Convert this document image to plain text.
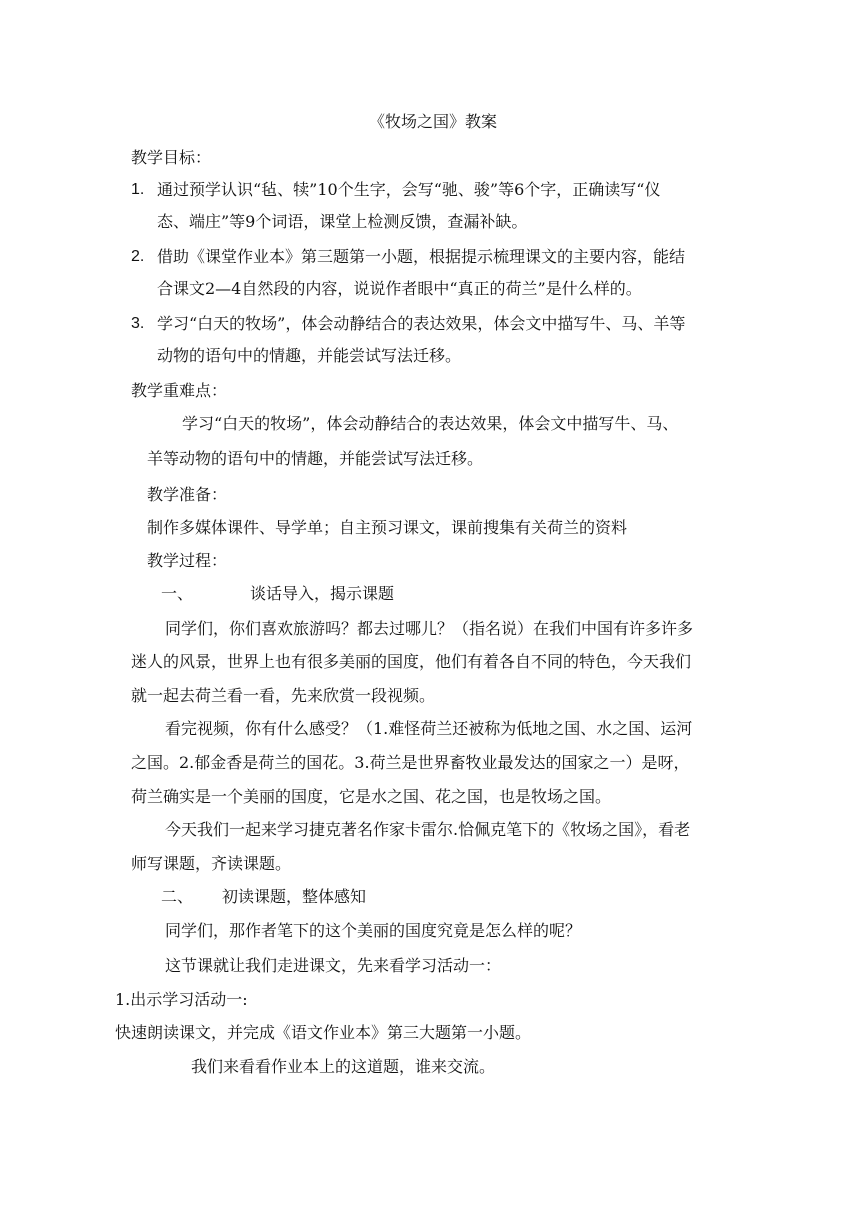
《牧场之国》教案
教学目标：
1. 通过预学认识“毡、犊”10个生字，会写“驰、骏”等6个字，正确读写“仪
态、端庄”等9个词语，课堂上检测反馈，查漏补缺。
2. 借助《课堂作业本》第三题第一小题，根据提示梳理课文的主要内容，能结
合课文2—4自然段的内容，说说作者眼中“真正的荷兰”是什么样的。
3. 学习“白天的牧场”，体会动静结合的表达效果，体会文中描写牛、马、羊等
动物的语句中的情趣，并能尝试写法迁移。
教学重难点：
学习“白天的牧场”，体会动静结合的表达效果，体会文中描写牛、马、
羊等动物的语句中的情趣，并能尝试写法迁移。
教学准备：
制作多媒体课件、导学单；自主预习课文，课前搜集有关荷兰的资料
教学过程：
一、	谈话导入，揭示课题
同学们，你们喜欢旅游吗？都去过哪儿？（指名说）在我们中国有许多许多
迷人的风景，世界上也有很多美丽的国度，他们有着各自不同的特色，今天我们
就一起去荷兰看一看，先来欣赏一段视频。
看完视频，你有什么感受？（1.难怪荷兰还被称为低地之国、水之国、运河
之国。2.郁金香是荷兰的国花。3.荷兰是世界畜牧业最发达的国家之一）是呀，
荷兰确实是一个美丽的国度，它是水之国、花之国，也是牧场之国。
今天我们一起来学习捷克著名作家卡雷尔.恰佩克笔下的《牧场之国》，看老
师写课题，齐读课题。
二、 初读课题，整体感知
同学们，那作者笔下的这个美丽的国度究竟是怎么样的呢？
这节课就让我们走进课文，先来看学习活动一：
1.出示学习活动一:
快速朗读课文，并完成《语文作业本》第三大题第一小题。
我们来看看作业本上的这道题，谁来交流。
